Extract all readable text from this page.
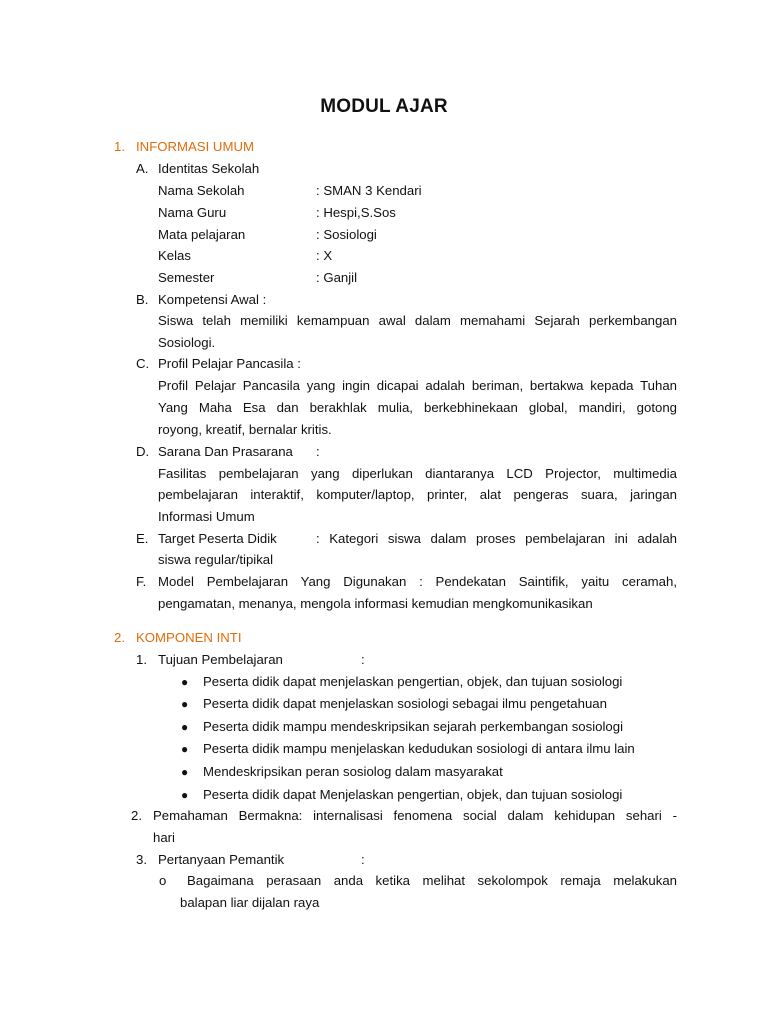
MODUL AJAR
1. INFORMASI UMUM
A. Identitas Sekolah
Nama Sekolah	: SMAN 3 Kendari
Nama Guru	: Hespi,S.Sos
Mata pelajaran	: Sosiologi
Kelas	: X
Semester	: Ganjil
B. Kompetensi Awal :
Siswa telah memiliki kemampuan awal dalam memahami Sejarah perkembangan
Sosiologi.
C. Profil Pelajar Pancasila :
Profil Pelajar Pancasila yang ingin dicapai adalah beriman, bertakwa kepada Tuhan
Yang Maha Esa dan berakhlak mulia, berkebhinekaan global, mandiri, gotong
royong, kreatif, bernalar kritis.
D. Sarana Dan Prasarana :
Fasilitas pembelajaran yang diperlukan diantaranya LCD Projector, multimedia
pembelajaran interaktif, komputer/laptop, printer, alat pengeras suara, jaringan
Informasi Umum
E. Target Peserta Didik	: Kategori siswa dalam proses pembelajaran ini adalah
siswa regular/tipikal
F. Model Pembelajaran Yang Digunakan : Pendekatan Saintifik, yaitu ceramah,
pengamatan, menanya, mengola informasi kemudian mengkomunikasikan
2. KOMPONEN INTI
1. Tujuan Pembelajaran	:
● Peserta didik dapat menjelaskan pengertian, objek, dan tujuan sosiologi
● Peserta didik dapat menjelaskan sosiologi sebagai ilmu pengetahuan
● Peserta didik mampu mendeskripsikan sejarah perkembangan sosiologi
● Peserta didik mampu menjelaskan kedudukan sosiologi di antara ilmu lain
● Mendeskripsikan peran sosiolog dalam masyarakat
● Peserta didik dapat Menjelaskan pengertian, objek, dan tujuan sosiologi
2. Pemahaman Bermakna: internalisasi fenomena social dalam kehidupan sehari -
hari
3. Pertanyaan Pemantik	:
o Bagaimana perasaan anda ketika melihat sekolompok remaja melakukan
balapan liar dijalan raya
